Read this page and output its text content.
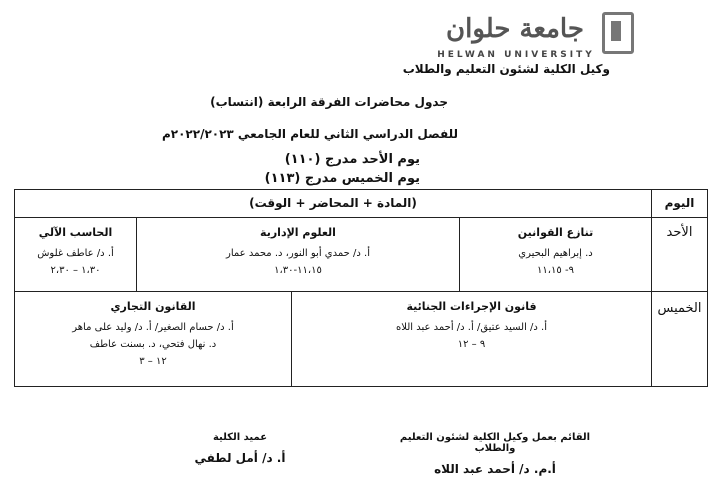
جامعة حلوان
HELWAN UNIVERSITY
وكيل الكلية لشئون التعليم والطلاب
جدول محاضرات الفرقة الرابعة (انتساب)
للفصل الدراسي الثاني للعام الجامعي ٢٠٢٢/٢٠٢٣م
يوم الأحد مدرج (١١٠)
يوم الخميس مدرج (١١٣)
اليوم
(المادة + المحاضر + الوقت)
الأحد
تنازع القوانين
د. إبراهيم البحيري
٩- ١١،١٥
العلوم الإدارية
أ. د/ حمدي أبو النور، د. محمد عمار
١١،١٥-١،٣٠
الحاسب الآلي
أ. د/ عاطف غلوش
١،٣٠ – ٢،٣٠
الخميس
قانون الإجراءات الجنائية
أ. د/ السيد عتيق/ أ. د/ أحمد عبد اللاه
٩ – ١٢
القانون التجاري
أ. د/ حسام الصغير/ أ. د/ وليد على ماهر
د. نهال فتحي، د. بسنت عاطف
١٢ – ٣
عميد الكلية
أ. د/ أمل لطفي
القائم بعمل وكيل الكلية لشئون التعليم والطلاب
أ.م. د/ أحمد عبد اللاه
